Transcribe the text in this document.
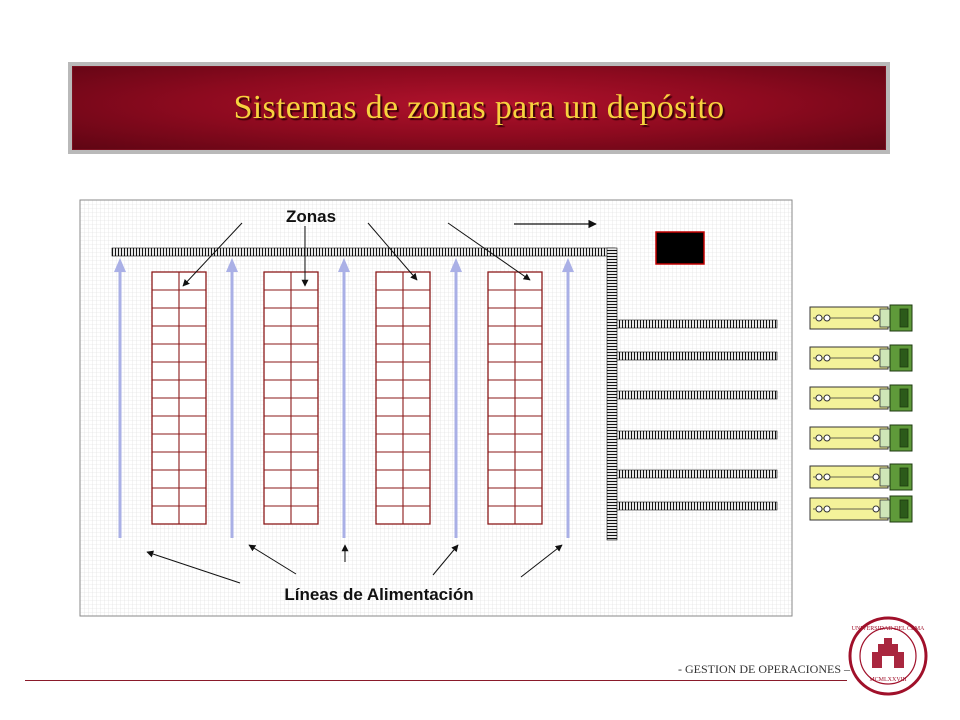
Sistemas de zonas para un depósito
Zonas
Líneas de Alimentación
UNIVERSIDAD DEL CEMA
MCMLXXVIII
- GESTION DE OPERACIONES –
